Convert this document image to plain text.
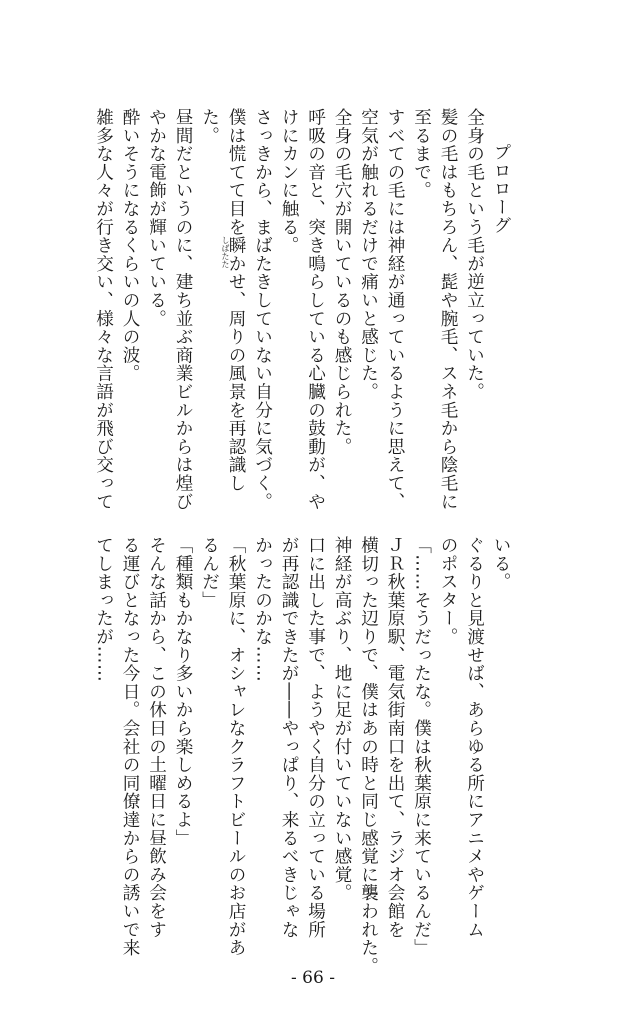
プロローグ
全身の毛という毛が逆立っていた。
髪の毛はもちろん、髭や腕毛、スネ毛から陰毛に
至るまで。
すべての毛には神経が通っているように思えて、
空気が触れるだけで痛いと感じた。
全身の毛穴が開いているのも感じられた。
呼吸の音と、突き鳴らしている心臓の鼓動が、や
けにカンに触る。
さっきから、まばたきしていない自分に気づく。
僕は慌てて目を瞬
しばたた
かせ、周りの風景を再認識し
た。
昼間だというのに、建ち並ぶ商業ビルからは煌び
やかな電飾が輝いている。
酔いそうになるくらいの人の波。
雑多な人々が行き交い、様々な言語が飛び交って
いる。
ぐるりと見渡せば、あらゆる所にアニメやゲーム
のポスター。
「……そうだったな。僕は秋葉原に来ているんだ」
ＪＲ秋葉原駅、電気街南口を出て、ラジオ会館を
横切った辺りで、僕はあの時と同じ感覚に襲われた。
神経が高ぶり、地に足が付いていない感覚。
口に出した事で、ようやく自分の立っている場所
が再認識できたが――やっぱり、来るべきじゃな
かったのかな……
「秋葉原に、オシャレなクラフトビールのお店があ
るんだ」
「種類もかなり多いから楽しめるよ」
そんな話から、この休日の土曜日に昼飲み会をす
る運びとなった今日。会社の同僚達からの誘いで来
てしまったが……
- 66 -
